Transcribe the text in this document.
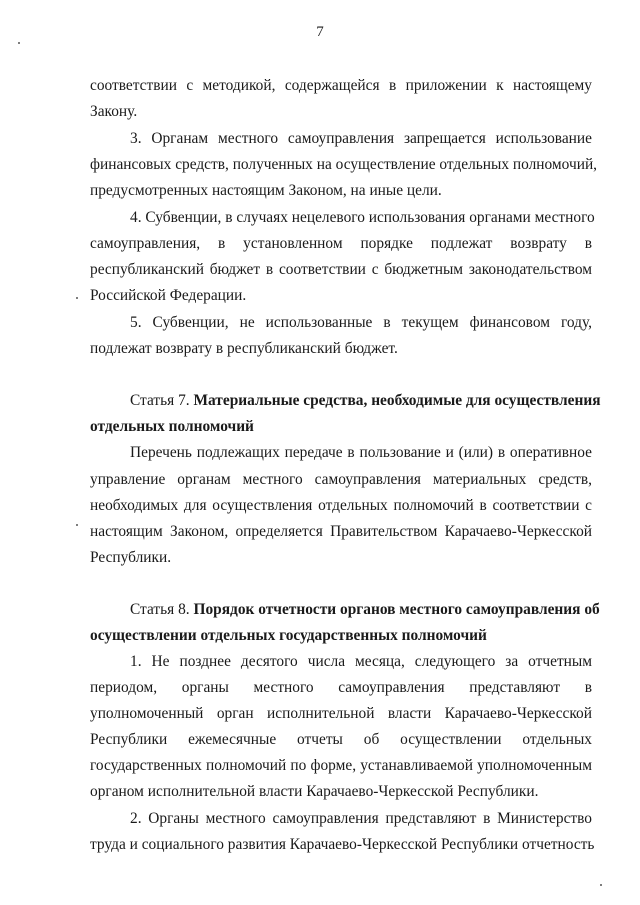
7
соответствии с методикой, содержащейся в приложении к настоящему
Закону.
3. Органам местного самоуправления запрещается использование
финансовых средств, полученных на осуществление отдельных полномочий,
предусмотренных настоящим Законом, на иные цели.
4. Субвенции, в случаях нецелевого использования органами местного
самоуправления, в установленном порядке подлежат возврату в
республиканский бюджет в соответствии с бюджетным законодательством
Российской Федерации.
5. Субвенции, не использованные в текущем финансовом году,
подлежат возврату в республиканский бюджет.
Статья 7. Материальные средства, необходимые для осуществления
отдельных полномочий
Перечень подлежащих передаче в пользование и (или) в оперативное
управление органам местного самоуправления материальных средств,
необходимых для осуществления отдельных полномочий в соответствии с
настоящим Законом, определяется Правительством Карачаево-Черкесской
Республики.
Статья 8. Порядок отчетности органов местного самоуправления об
осуществлении отдельных государственных полномочий
1. Не позднее десятого числа месяца, следующего за отчетным
периодом, органы местного самоуправления представляют в
уполномоченный орган исполнительной власти Карачаево-Черкесской
Республики ежемесячные отчеты об осуществлении отдельных
государственных полномочий по форме, устанавливаемой уполномоченным
органом исполнительной власти Карачаево-Черкесской Республики.
2. Органы местного самоуправления представляют в Министерство
труда и социального развития Карачаево-Черкесской Республики отчетность
